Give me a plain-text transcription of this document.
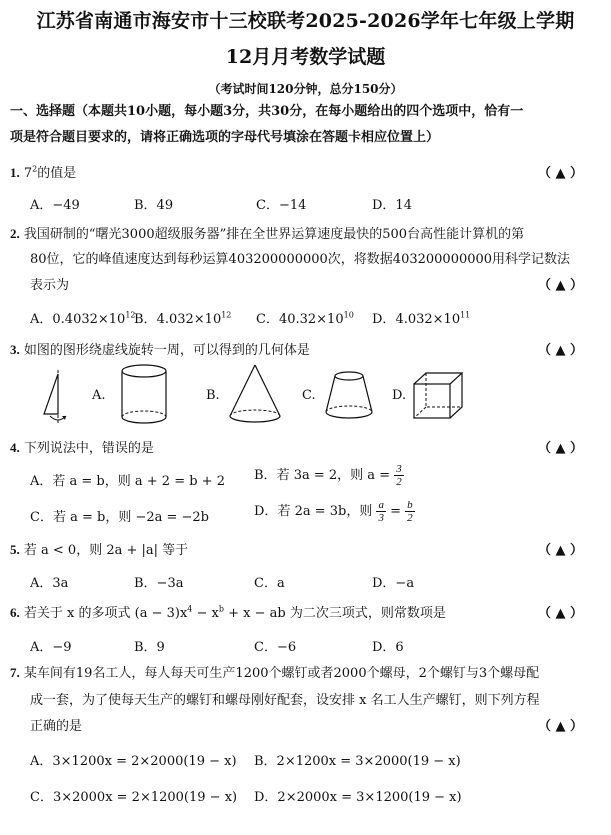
江苏省南通市海安市十三校联考2025-2026学年七年级上学期
12月月考数学试题
（考试时间120分钟，总分150分）
一、选择题（本题共10小题，每小题3分，共30分，在每小题给出的四个选项中，恰有一
项是符合题目要求的，请将正确选项的字母代号填涂在答题卡相应位置上）
1. $7^2$的值是	（ ▲ ）
A．−49	B．49	C．−14	D．14
2. 我国研制的“曙光3000超级服务器”排在全世界运算速度最快的500台高性能计算机的第
80位，它的峰值速度达到每秒运算403200000000次，将数据403200000000用科学记数法
表示为	（ ▲ ）
A．$0.4032\times 10^{12}$
B．$4.032\times 10^{12}$ C．$40.32\times 10^{10}$ D．$4.032\times 10^{11}$
3. 如图的图形绕虚线旋转一周，可以得到的几何体是	（ ▲ ）
A.	B.	C.	D.
4. 下列说法中，错误的是	（ ▲ ）
A．若 a = b，则 a + 2 = b + 2 B．若 3a = 2，则 $a = \frac{3}{2}$
C．若 a = b，则 −2a = −2b	D．若 2a = 3b，则 $\frac{a}{3} = \frac{b}{2}$
5. 若 a < 0，则 2a + |a| 等于	（ ▲ ）
A．3a	B．−3a	C．a	D．−a
6. 若关于 x 的多项式 $(a - 3)x^4 - x^b + x$ − ab 为二次三项式，则常数项是	（ ▲ ）
A．−9	B．9	C．−6	D．6
7. 某车间有19名工人，每人每天可生产1200个螺钉或者2000个螺母，2个螺钉与3个螺母配
成一套，为了使每天生产的螺钉和螺母刚好配套，设安排 x 名工人生产螺钉，则下列方程
正确的是	（ ▲ ）
A．3×1200x = 2×2000(19 − x) B．2×1200x = 3×2000(19 − x)
C．3×2000x = 2×1200(19 − x) D．2×2000x = 3×1200(19 − x)
